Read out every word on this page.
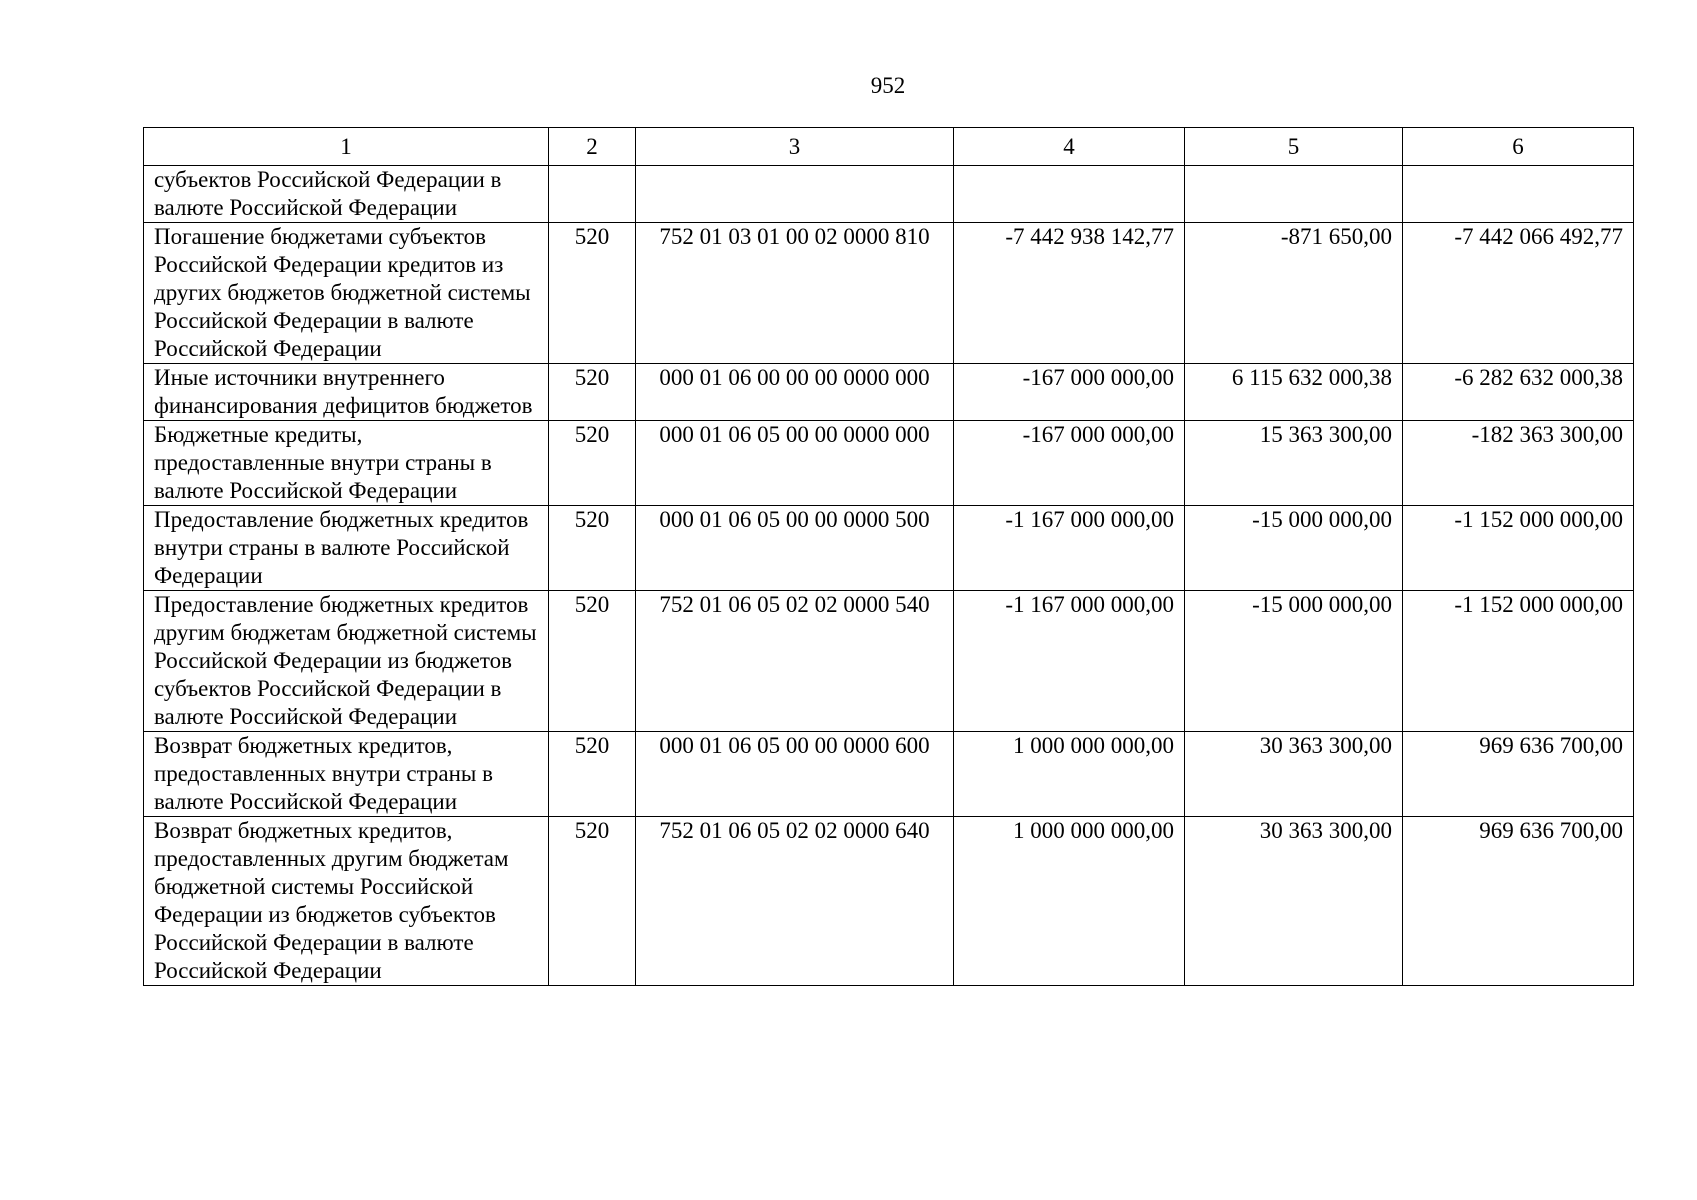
952
1	2	3	4	5	6
субъектов Российской Федерации в валюте Российской Федерации					
Погашение бюджетами субъектов Российской Федерации кредитов из других бюджетов бюджетной системы Российской Федерации в валюте Российской Федерации	520	752 01 03 01 00 02 0000 810	-7 442 938 142,77	-871 650,00	-7 442 066 492,77
Иные источники внутреннего финансирования дефицитов бюджетов	520	000 01 06 00 00 00 0000 000	-167 000 000,00	6 115 632 000,38	-6 282 632 000,38
Бюджетные кредиты, предоставленные внутри страны в валюте Российской Федерации	520	000 01 06 05 00 00 0000 000	-167 000 000,00	15 363 300,00	-182 363 300,00
Предоставление бюджетных кредитов внутри страны в валюте Российской Федерации	520	000 01 06 05 00 00 0000 500	-1 167 000 000,00	-15 000 000,00	-1 152 000 000,00
Предоставление бюджетных кредитов другим бюджетам бюджетной системы Российской Федерации из бюджетов субъектов Российской Федерации в валюте Российской Федерации	520	752 01 06 05 02 02 0000 540	-1 167 000 000,00	-15 000 000,00	-1 152 000 000,00
Возврат бюджетных кредитов, предоставленных внутри страны в валюте Российской Федерации	520	000 01 06 05 00 00 0000 600	1 000 000 000,00	30 363 300,00	969 636 700,00
Возврат бюджетных кредитов, предоставленных другим бюджетам бюджетной системы Российской Федерации из бюджетов субъектов Российской Федерации в валюте Российской Федерации	520	752 01 06 05 02 02 0000 640	1 000 000 000,00	30 363 300,00	969 636 700,00
